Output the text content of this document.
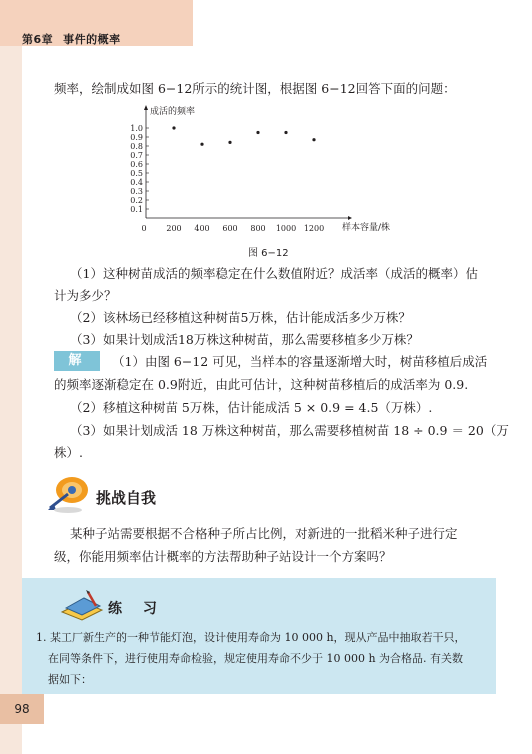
第6章 事件的概率
频率，绘制成如图 6−12所示的统计图，根据图 6−12回答下面的问题：
成活的频率
样本容量/株
0.1
0.2
0.3
0.4
0.5
0.6
0.7
0.8
0.9
1.0
0 200 400 600 800 1000 1200
图 6−12
（1）这种树苗成活的频率稳定在什么数值附近？成活率（成活的概率）估
计为多少？
（2）该林场已经移植这种树苗5万株，估计能成活多少万株？
（3）如果计划成活18万株这种树苗，那么需要移植多少万株？
解	（1）由图 6−12 可见，当样本的容量逐渐增大时，树苗移植后成活
的频率逐渐稳定在 0.9附近，由此可估计，这种树苗移植后的成活率为 0.9.
（2）移植这种树苗 5万株，估计能成活 5 × 0.9 = 4.5（万株）.
（3）如果计划成活 18 万株这种树苗，那么需要移植树苗 18 ÷ 0.9 ＝ 20（万
株）.
挑战自我
某种子站需要根据不合格种子所占比例，对新进的一批稻米种子进行定
级，你能用频率估计概率的方法帮助种子站设计一个方案吗？
练 习
1. 某工厂新生产的一种节能灯泡，设计使用寿命为 10 000 h，现从产品中抽取若干只，
在同等条件下，进行使用寿命检验，规定使用寿命不少于 10 000 h 为合格品. 有关数
据如下：
98
